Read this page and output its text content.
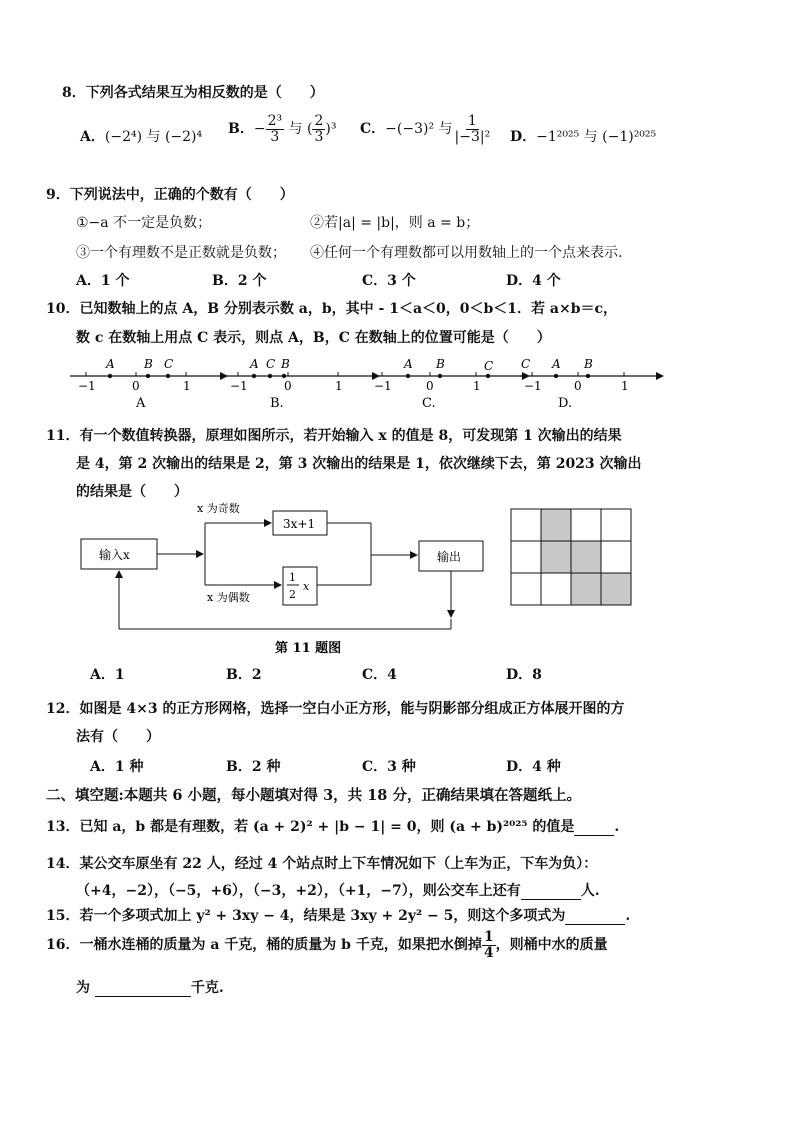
8．下列各式结果互为相反数的是（　　）
A．(−2⁴) 与 (−2)⁴ B．− $\frac{\text{2³}}{3}$ 与 ( $\frac{2}{3} )^3$ C．−(−3)² 与 $\frac{1}{\text{|−3|²}}$ D．−1²⁰²⁵ 与 (−1)²⁰²⁵
9．下列说法中，正确的个数有（　　）
①−a 不一定是负数；	②若|a| = |b|，则 a = b；
③一个有理数不是正数就是负数； ④任何一个有理数都可以用数轴上的一个点来表示.
A．1 个	B．2 个	C．3 个	D．4 个
10．已知数轴上的点 A，B 分别表示数 a，b，其中 - 1＜a＜0，0＜b＜1．若 a×b＝c，
数 c 在数轴上用点 C 表示，则点 A，B，C 在数轴上的位置可能是（　　）
−1	0	1
A B C
A
−1	0	1
A C B
B.
−1	0	1
A B	C
C.
−1	0	1
C A B
D.
11．有一个数值转换器，原理如图所示，若开始输入 x 的值是 8，可发现第 1 次输出的结果
是 4，第 2 次输出的结果是 2，第 3 次输出的结果是 1，依次继续下去，第 2023 次输出
的结果是（　　）
输入x
x 为奇数
3x+1
x 为偶数
1
2
x
输出
第 11 题图
A．1	B．2	C．4	D．8
12．如图是 4×3 的正方形网格，选择一空白小正方形，能与阴影部分组成正方体展开图的方
法有（　　）
A．1 种	B．2 种	C．3 种	D．4 种
二、填空题:本题共 6 小题，每小题填对得 3，共 18 分，正确结果填在答题纸上。
13．已知 a，b 都是有理数，若 (a + 2)² + |b − 1| = 0，则 (a + b)²⁰²⁵ 的值是	.
14．某公交车原坐有 22 人，经过 4 个站点时上下车情况如下（上车为正，下车为负）：
（+4，−2），（−5，+6），（−3，+2），（+1，−7），则公交车上还有	人.
15．若一个多项式加上 y² + 3xy − 4，结果是 3xy + 2y² − 5，则这个多项式为	.
16．一桶水连桶的质量为 a 千克，桶的质量为 b 千克，如果把水倒掉 $\frac{1}{4}$ ，则桶中水的质量
为	千克.
